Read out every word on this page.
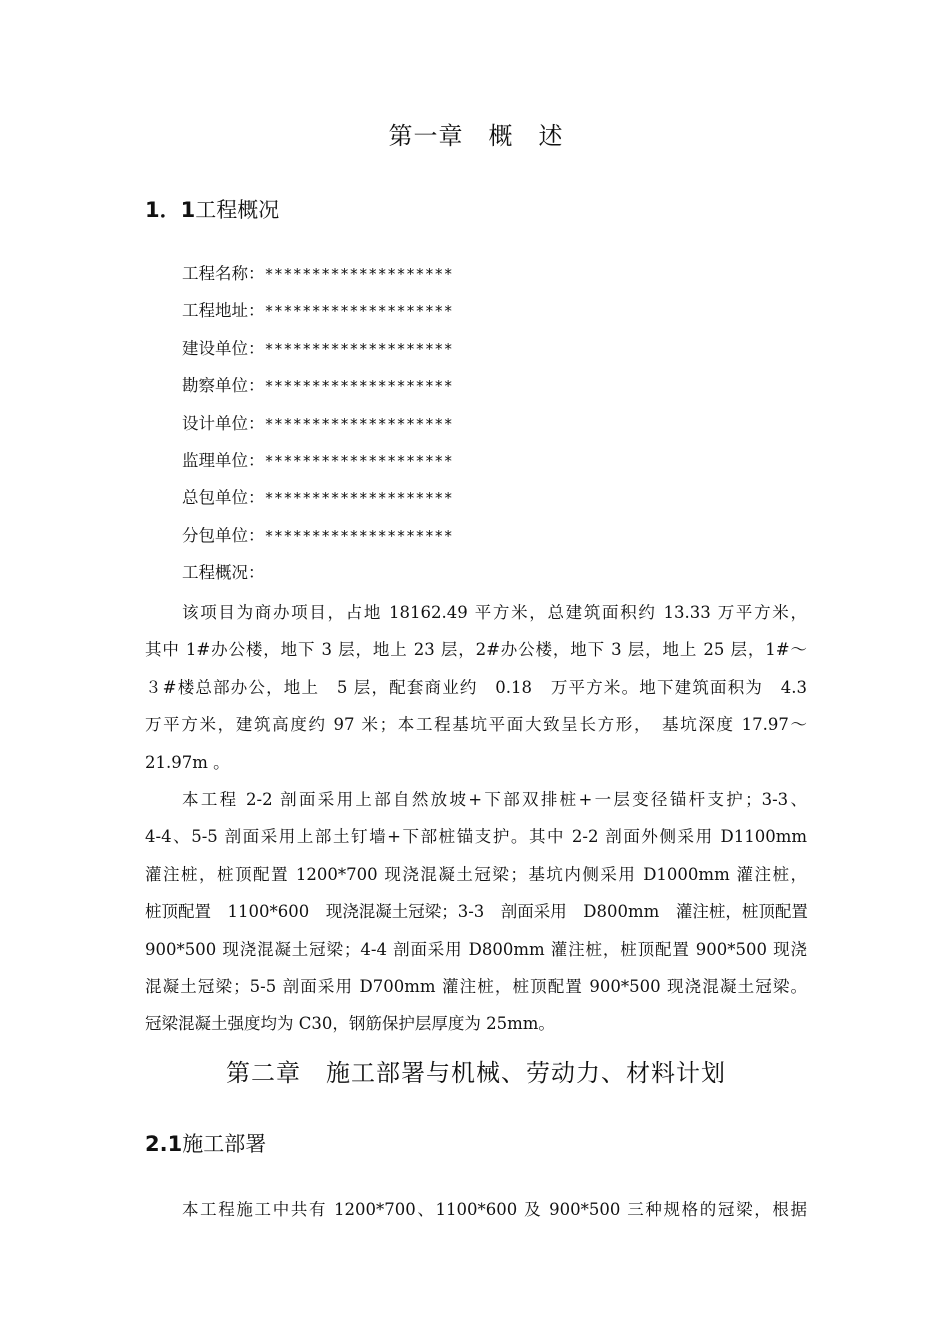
第一章　概　述
1．1工程概况
工程名称：********************
工程地址：********************
建设单位：********************
勘察单位：********************
设计单位：********************
监理单位：********************
总包单位：********************
分包单位：********************
工程概况：

该项目为商办项目，占地 18162.49 平方米，总建筑面积约 13.33 万平方米，
其中 1#办公楼，地下 3 层，地上 23 层，2#办公楼，地下 3 层，地上 25 层，1#～
３#楼总部办公，地上　5 层，配套商业约　0.18　万平方米。地下建筑面积为　4.3
万平方米，建筑高度约 97 米；本工程基坑平面大致呈长方形，　基坑深度 17.97～
21.97m 。

本工程 2-2 剖面采用上部自然放坡+下部双排桩+一层变径锚杆支护；3-3、
4-4、5-5 剖面采用上部土钉墙+下部桩锚支护。其中 2-2 剖面外侧采用 D1100mm
灌注桩，桩顶配置 1200*700 现浇混凝土冠梁；基坑内侧采用 D1000mm 灌注桩，
桩顶配置　1100*600　现浇混凝土冠梁；3-3　剖面采用　D800mm　灌注桩，桩顶配置
900*500 现浇混凝土冠梁；4-4 剖面采用 D800mm 灌注桩，桩顶配置 900*500 现浇
混凝土冠梁；5-5 剖面采用 D700mm 灌注桩，桩顶配置 900*500 现浇混凝土冠梁。
冠梁混凝土强度均为 C30，钢筋保护层厚度为 25mm。

第二章　施工部署与机械、劳动力、材料计划
2.1施工部署

本工程施工中共有 1200*700、1100*600 及 900*500 三种规格的冠梁，根据
